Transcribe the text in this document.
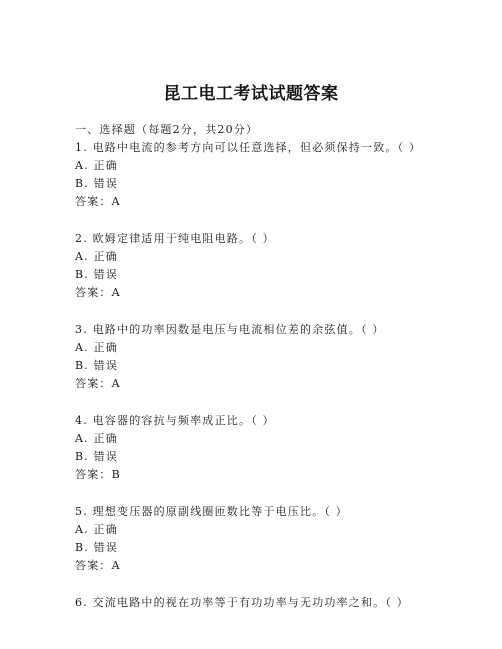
昆工电工考试试题答案
一、选择题（每题2分，共20分）
1. 电路中电流的参考方向可以任意选择，但必须保持一致。（ ）
A. 正确
B. 错误
答案：A
2. 欧姆定律适用于纯电阻电路。（ ）
A. 正确
B. 错误
答案：A
3. 电路中的功率因数是电压与电流相位差的余弦值。（ ）
A. 正确
B. 错误
答案：A
4. 电容器的容抗与频率成正比。（ ）
A. 正确
B. 错误
答案：B
5. 理想变压器的原副线圈匝数比等于电压比。（ ）
A. 正确
B. 错误
答案：A
6. 交流电路中的视在功率等于有功功率与无功功率之和。（ ）
